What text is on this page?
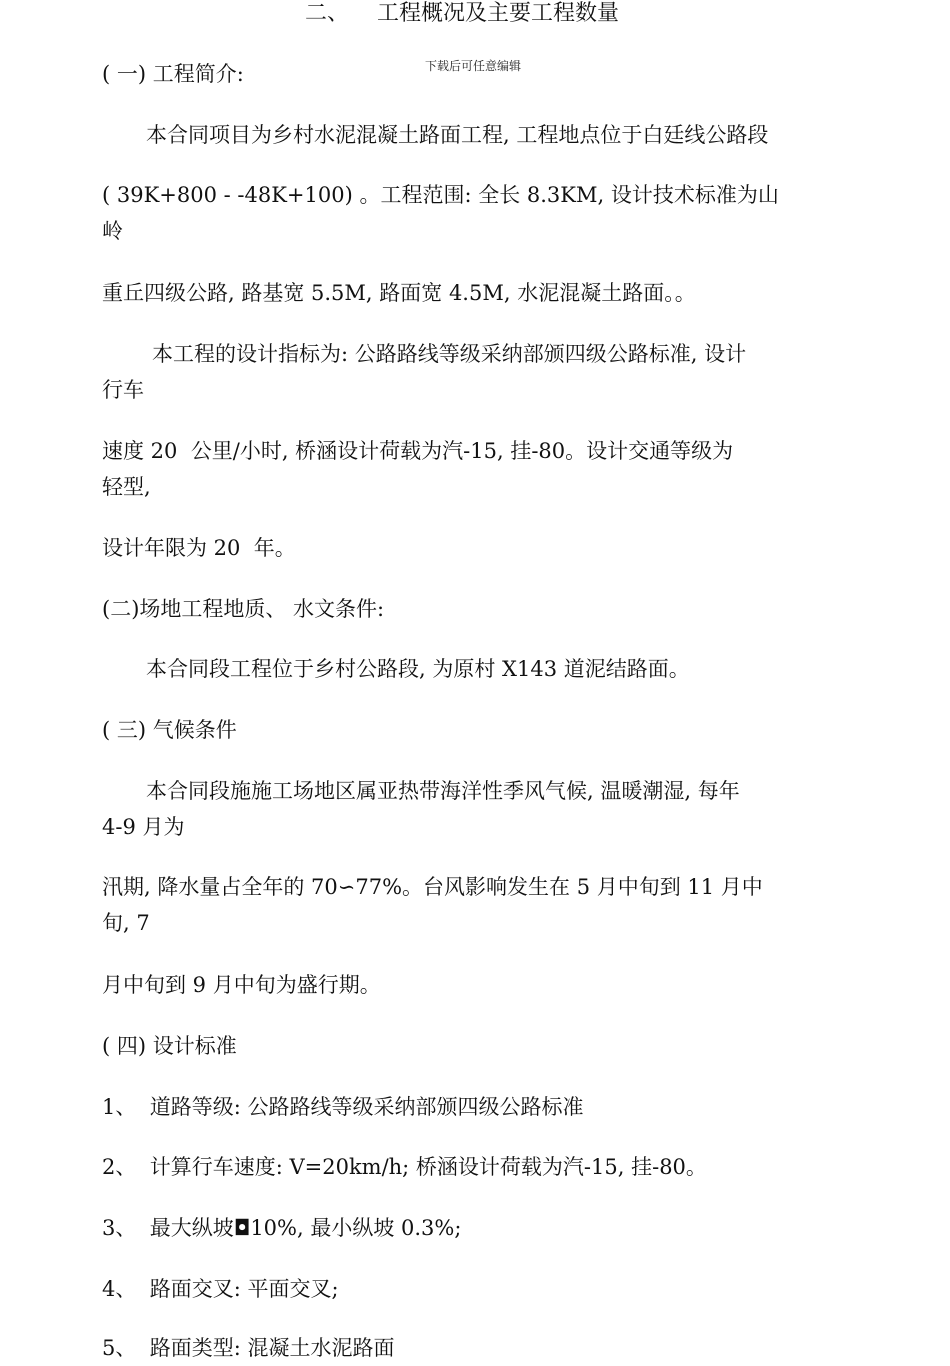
二、    工程概况及主要工程数量
下载后可任意编辑
( 一) 工程简介:
本合同项目为乡村水泥混凝土路面工程, 工程地点位于白廷线公路段
( 39K+800 - -48K+100) 。工程范围: 全长 8.3KM, 设计技术标准为山
岭
重丘四级公路, 路基宽 5.5M, 路面宽 4.5M, 水泥混凝土路面。。
本工程的设计指标为: 公路路线等级采纳部颁四级公路标准, 设计
行车
速度 20  公里/小时, 桥涵设计荷载为汽-15, 挂-80。设计交通等级为
轻型,
设计年限为 20  年。
(二)场地工程地质、 水文条件:
本合同段工程位于乡村公路段, 为原村 X143 道泥结路面。
( 三) 气候条件
本合同段施施工场地区属亚热带海洋性季风气候, 温暖潮湿, 每年
4-9 月为
汛期, 降水量占全年的 70∽77%。台风影响发生在 5 月中旬到 11 月中
旬, 7
月中旬到 9 月中旬为盛行期。
( 四) 设计标准
1、  道路等级: 公路路线等级采纳部颁四级公路标准
2、  计算行车速度: V=20km/h; 桥涵设计荷载为汽-15, 挂-80。
3、  最大纵坡◘10%, 最小纵坡 0.3%;
4、  路面交叉: 平面交叉;
5、  路面类型: 混凝土水泥路面
